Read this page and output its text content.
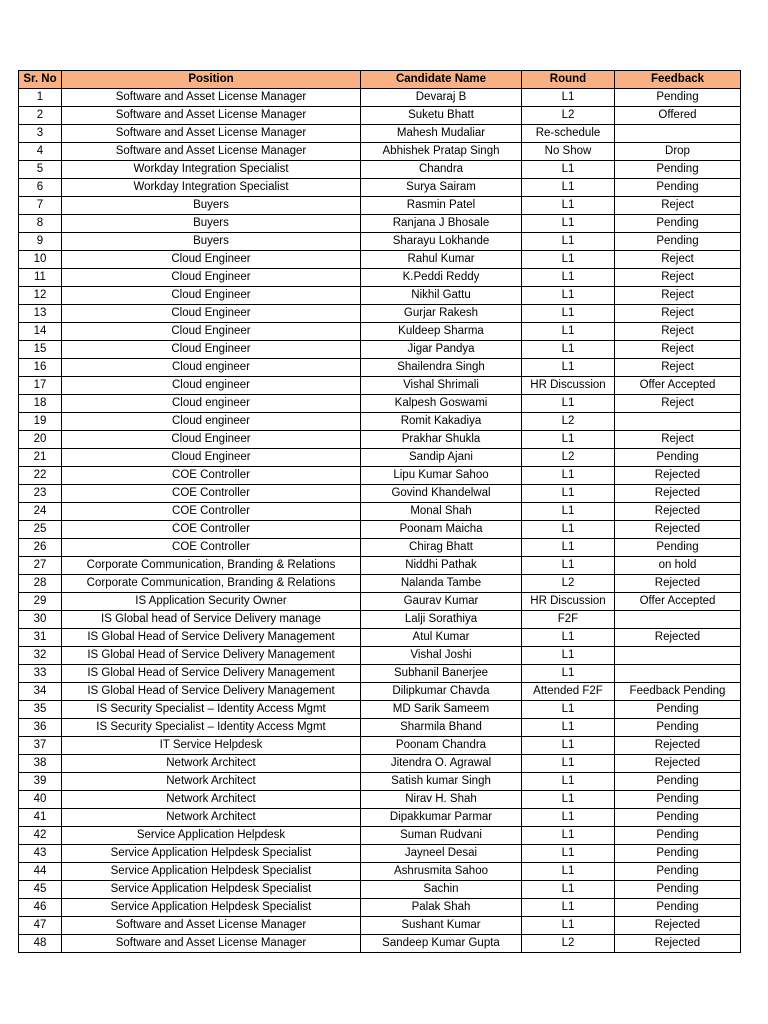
Sr. No	Position	Candidate Name	Round	Feedback
1	Software and Asset License Manager	Devaraj B	L1	Pending
2	Software and Asset License Manager	Suketu Bhatt	L2	Offered
3	Software and Asset License Manager	Mahesh Mudaliar	Re-schedule	
4	Software and Asset License Manager	Abhishek Pratap Singh	No Show	Drop
5	Workday Integration Specialist	Chandra	L1	Pending
6	Workday Integration Specialist	Surya Sairam	L1	Pending
7	Buyers	Rasmin Patel	L1	Reject
8	Buyers	Ranjana J Bhosale	L1	Pending
9	Buyers	Sharayu Lokhande	L1	Pending
10	Cloud Engineer	Rahul Kumar	L1	Reject
11	Cloud Engineer	K.Peddi Reddy	L1	Reject
12	Cloud Engineer	Nikhil Gattu	L1	Reject
13	Cloud Engineer	Gurjar Rakesh	L1	Reject
14	Cloud Engineer	Kuldeep Sharma	L1	Reject
15	Cloud Engineer	Jigar Pandya	L1	Reject
16	Cloud engineer	Shailendra Singh	L1	Reject
17	Cloud engineer	Vishal Shrimali	HR Discussion	Offer Accepted
18	Cloud engineer	Kalpesh Goswami	L1	Reject
19	Cloud engineer	Romit Kakadiya	L2	
20	Cloud Engineer	Prakhar Shukla	L1	Reject
21	Cloud Engineer	Sandip Ajani	L2	Pending
22	COE Controller	Lipu Kumar Sahoo	L1	Rejected
23	COE Controller	Govind Khandelwal	L1	Rejected
24	COE Controller	Monal Shah	L1	Rejected
25	COE Controller	Poonam Maicha	L1	Rejected
26	COE Controller	Chirag Bhatt	L1	Pending
27	Corporate Communication, Branding & Relations	Niddhi Pathak	L1	on hold
28	Corporate Communication, Branding & Relations	Nalanda Tambe	L2	Rejected
29	IS Application Security Owner	Gaurav Kumar	HR Discussion	Offer Accepted
30	IS Global head of Service Delivery manage	Lalji Sorathiya	F2F	
31	IS Global Head of Service Delivery Management	Atul Kumar	L1	Rejected
32	IS Global Head of Service Delivery Management	Vishal Joshi	L1	
33	IS Global Head of Service Delivery Management	Subhanil Banerjee	L1	
34	IS Global Head of Service Delivery Management	Dilipkumar Chavda	Attended F2F	Feedback Pending
35	IS Security Specialist – Identity Access Mgmt	MD Sarik Sameem	L1	Pending
36	IS Security Specialist – Identity Access Mgmt	Sharmila Bhand	L1	Pending
37	IT Service Helpdesk	Poonam Chandra	L1	Rejected
38	Network Architect	Jitendra O. Agrawal	L1	Rejected
39	Network Architect	Satish kumar Singh	L1	Pending
40	Network Architect	Nirav H. Shah	L1	Pending
41	Network Architect	Dipakkumar Parmar	L1	Pending
42	Service Application Helpdesk	Suman Rudvani	L1	Pending
43	Service Application Helpdesk Specialist	Jayneel Desai	L1	Pending
44	Service Application Helpdesk Specialist	Ashrusmita Sahoo	L1	Pending
45	Service Application Helpdesk Specialist	Sachin	L1	Pending
46	Service Application Helpdesk Specialist	Palak Shah	L1	Pending
47	Software and Asset License Manager	Sushant Kumar	L1	Rejected
48	Software and Asset License Manager	Sandeep Kumar Gupta	L2	Rejected
